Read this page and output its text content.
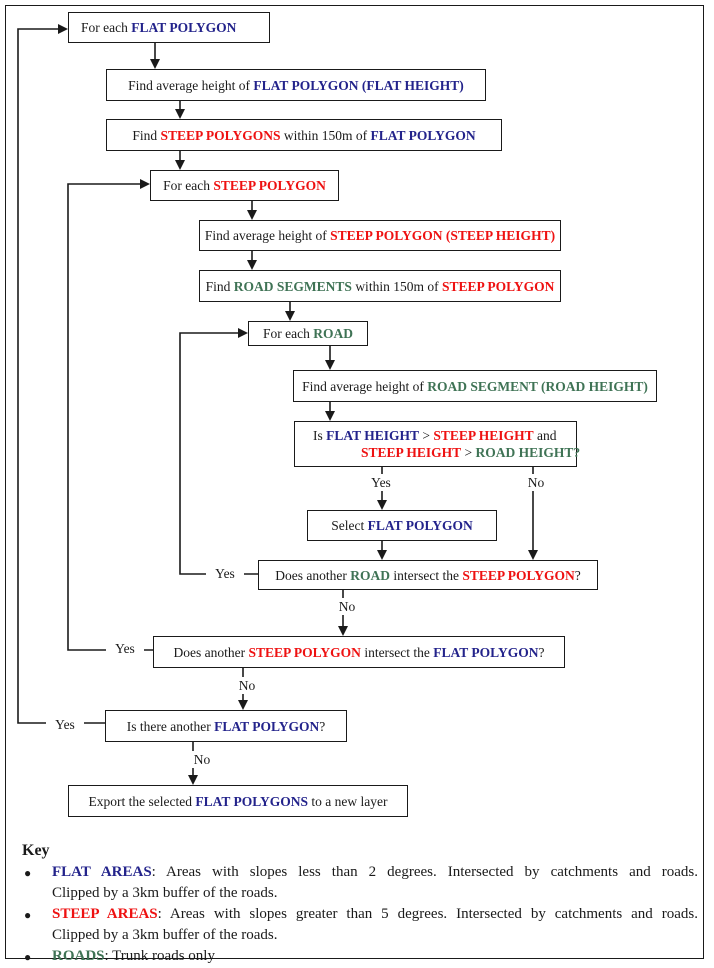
For each FLAT POLYGON
Find average height of FLAT POLYGON (FLAT HEIGHT)
Find STEEP POLYGONS within 150m of FLAT POLYGON
For each STEEP POLYGON
Find average height of STEEP POLYGON (STEEP HEIGHT)
Find ROAD SEGMENTS within 150m of STEEP POLYGON
For each ROAD
Find average height of ROAD SEGMENT (ROAD HEIGHT)
Is FLAT HEIGHT > STEEP HEIGHT and
STEEP HEIGHT > ROAD HEIGHT?
Select FLAT POLYGON
Does another ROAD intersect the STEEP POLYGON?
Does another STEEP POLYGON intersect the FLAT POLYGON?
Is there another FLAT POLYGON?
Export the selected FLAT POLYGONS to a new layer
Yes	No
Yes
No
Yes
No
Yes
No
Key
● FLAT AREAS: Areas with slopes less than 2 degrees. Intersected by catchments and roads.
Clipped by a 3km buffer of the roads.
● STEEP AREAS: Areas with slopes greater than 5 degrees. Intersected by catchments and roads.
Clipped by a 3km buffer of the roads.
● ROADS: Trunk roads only
